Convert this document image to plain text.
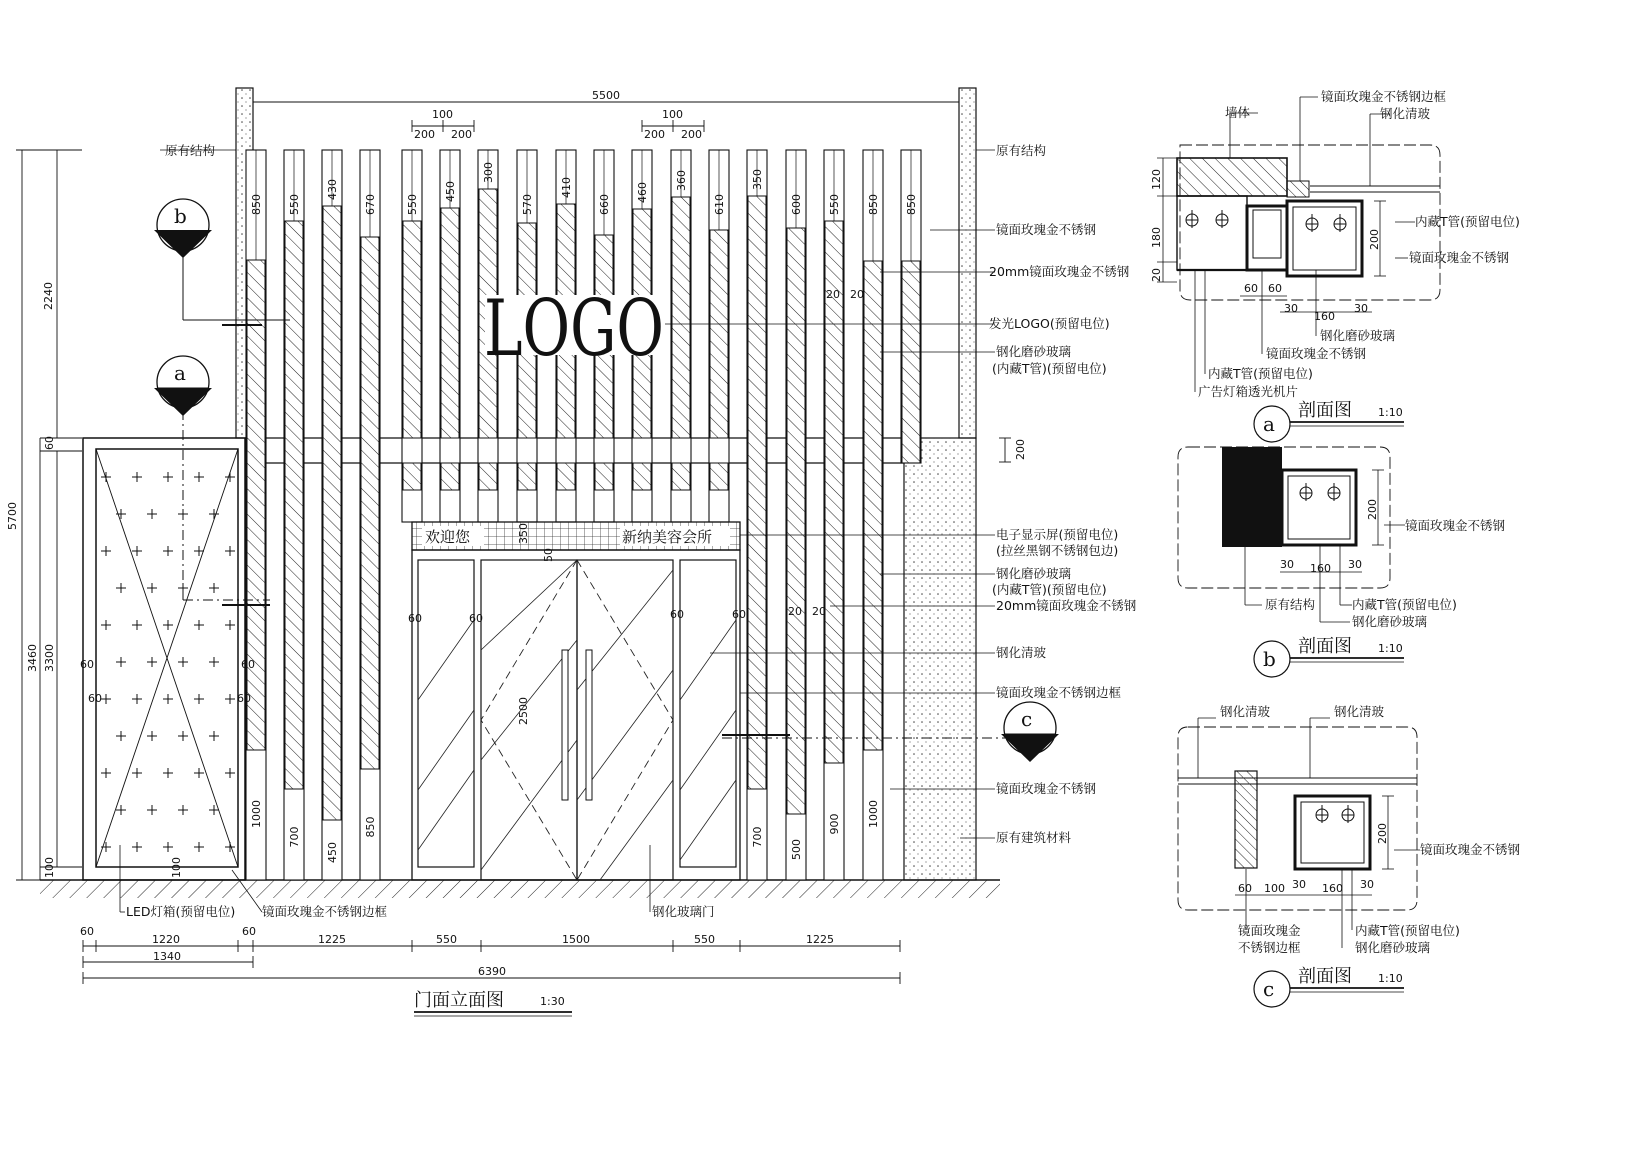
850
1000
550
700
430
450
670
850
550
450
300
570
410
660
460
360
610
350
700
600
500
550
900
850
1000
850
欢迎您	新纳美容会所
LOGO
b
a
c
5500
100
200 200
100
200 200
5700
2240
3460 3300
100
60
60
60
60
60	2500
50
350
60	60	60	60
100
20 20
20 20
200
60
1220
60
1225	550	1500	550	1225
1340
6390
门面立面图	1:30
原有结构	原有结构
镜面玫瑰金不锈钢
20mm镜面玫瑰金不锈钢
发光LOGO(预留电位)
钢化磨砂玻璃
(内藏T管)(预留电位)
电子显示屏(预留电位)
(拉丝黑钢不锈钢包边)
钢化磨砂玻璃
(内藏T管)(预留电位)
20mm镜面玫瑰金不锈钢
钢化清玻
镜面玫瑰金不锈钢边框
镜面玫瑰金不锈钢
原有建筑材料
LED灯箱(预留电位) 镜面玫瑰金不锈钢边框	钢化玻璃门
120
180
20
200
60 60
30
160
30
墙体
镜面玫瑰金不锈钢边框
钢化清玻
内藏T管(预留电位)
镜面玫瑰金不锈钢
钢化磨砂玻璃
镜面玫瑰金不锈钢
内藏T管(预留电位)
广告灯箱透光机片
a
剖面图 1:10
200
30 160 30
镜面玫瑰金不锈钢
原有结构	内藏T管(预留电位)
钢化磨砂玻璃
b
剖面图 1:10
200
60 100 30 160 30
钢化清玻	钢化清玻
镜面玫瑰金不锈钢
镜面玫瑰金
不锈钢边框
内藏T管(预留电位)
钢化磨砂玻璃
c
剖面图 1:10
